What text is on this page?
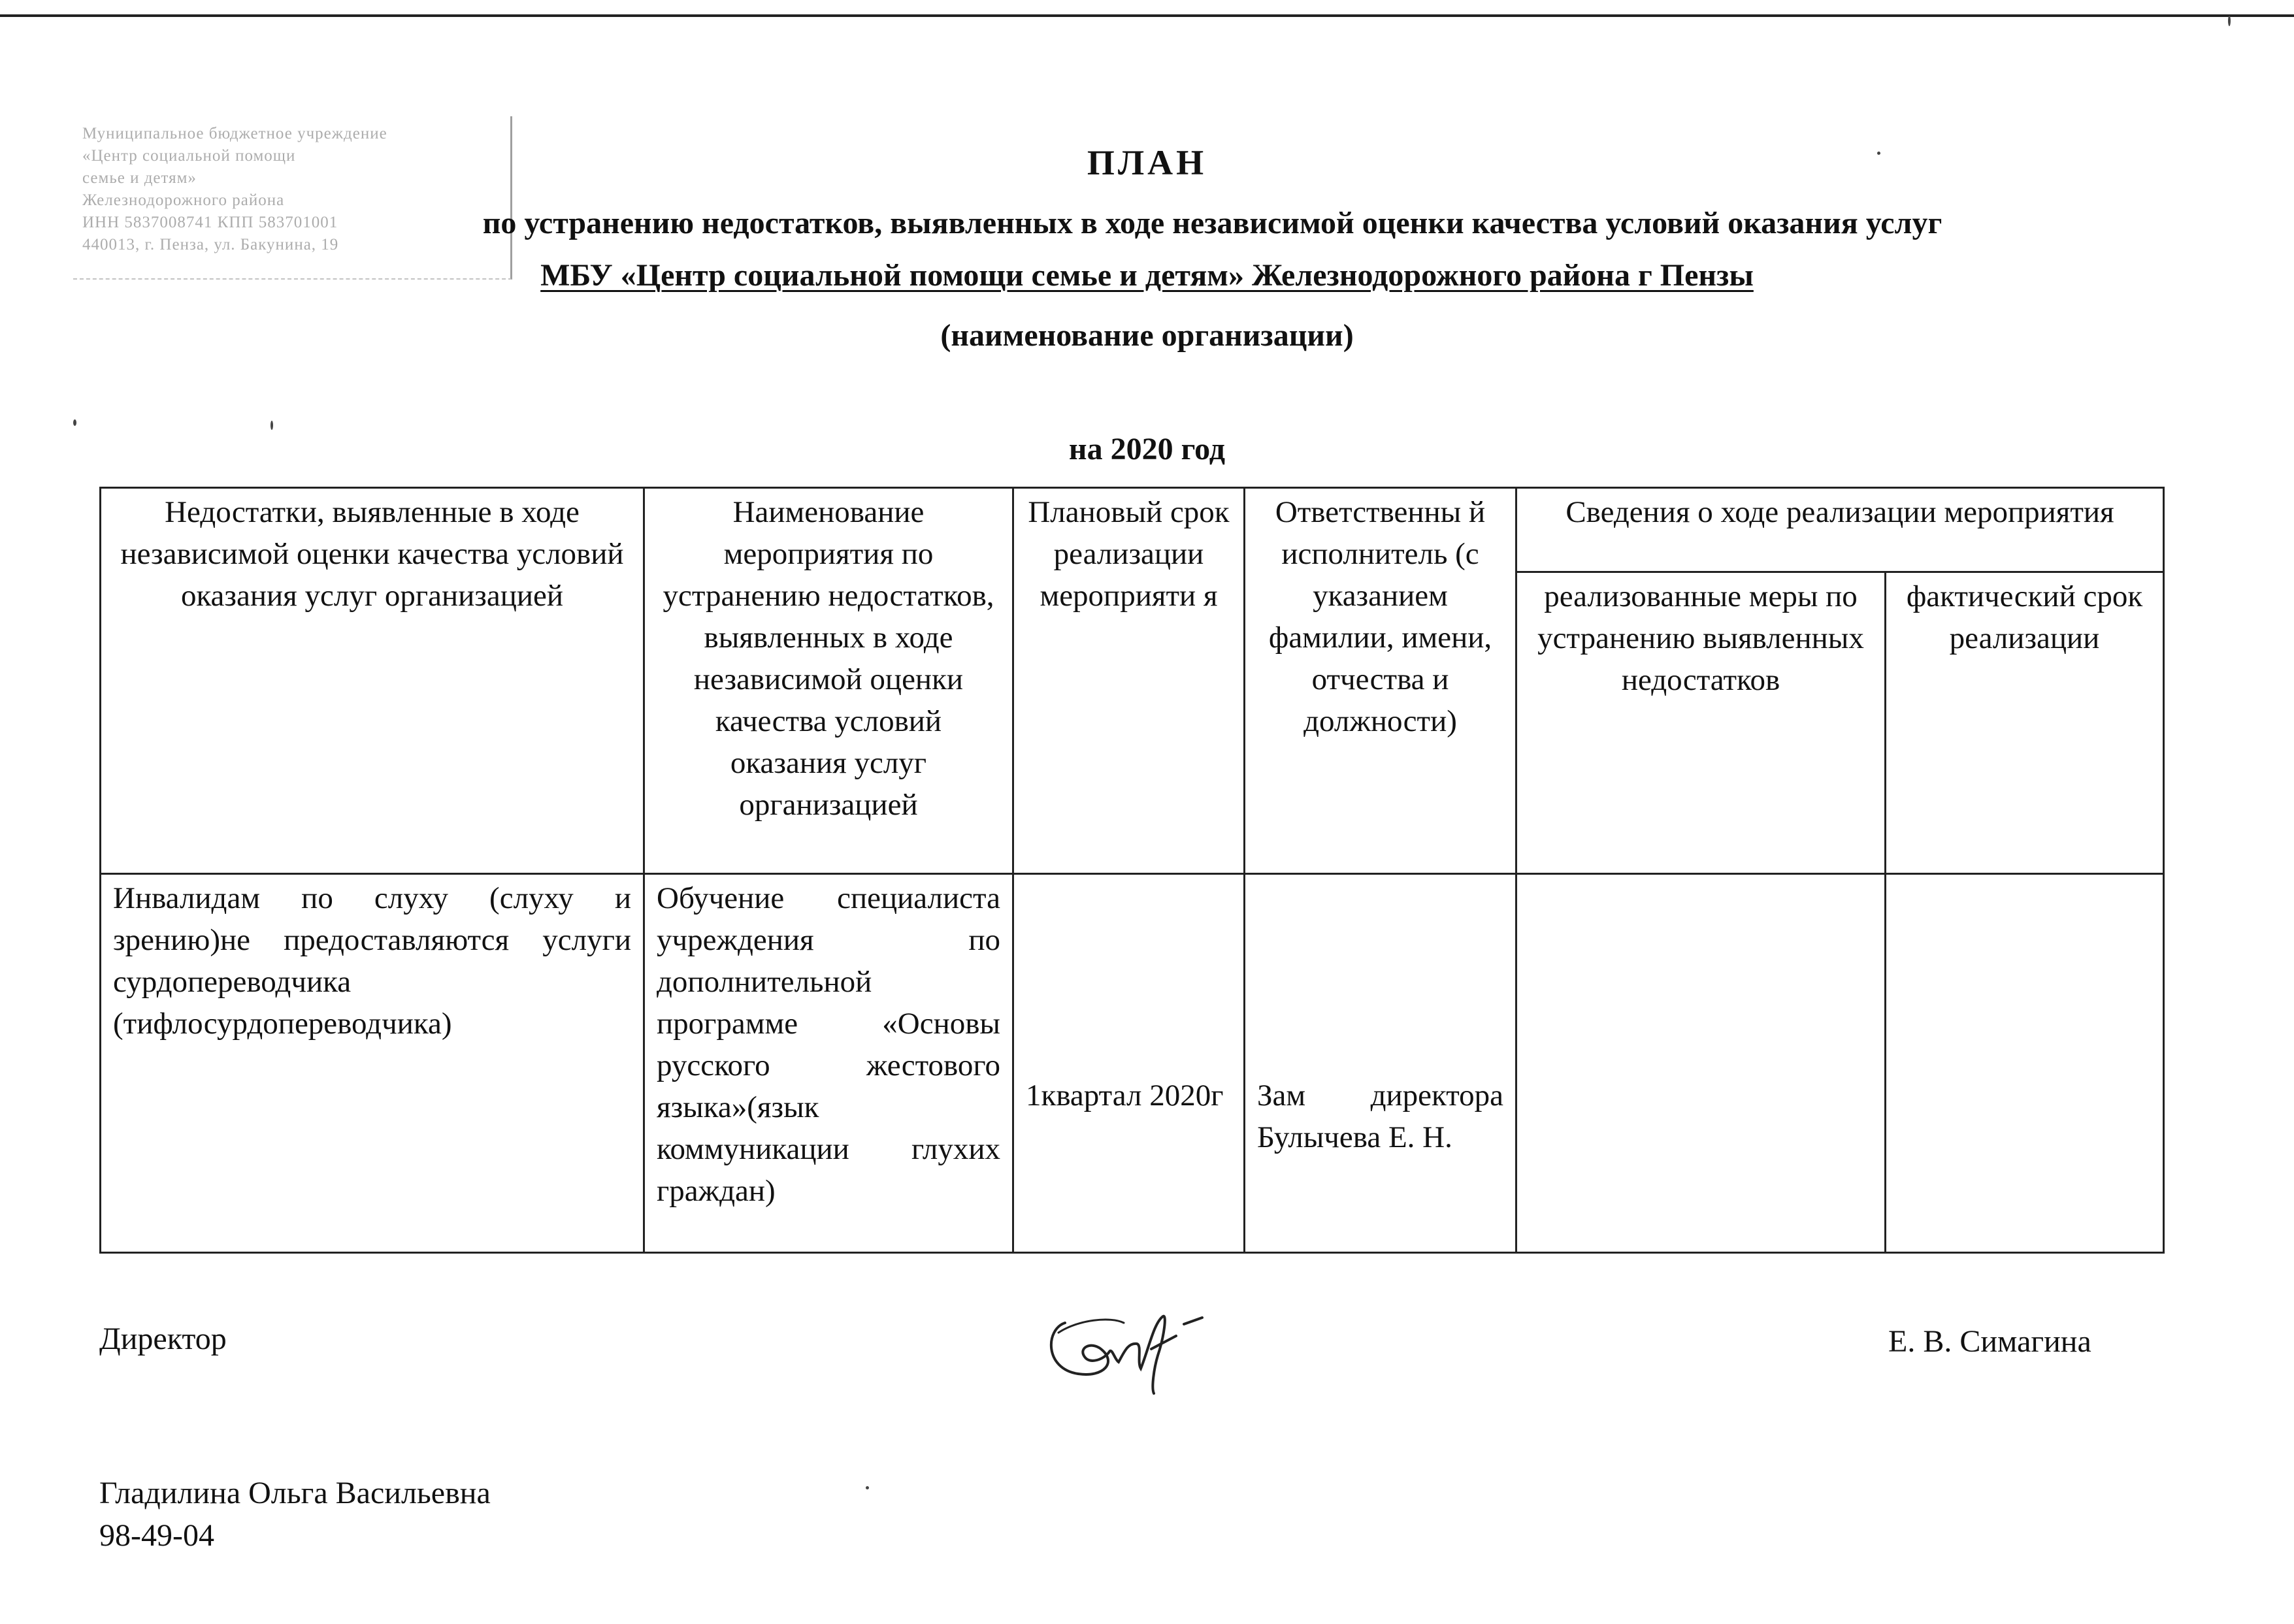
Муниципальное бюджетное учреждение
«Центр социальной помощи
семье и детям»
Железнодорожного района
ИНН 5837008741 КПП 583701001
440013, г. Пенза, ул. Бакунина, 19
ПЛАН
по устранению недостатков, выявленных в ходе независимой оценки качества условий оказания услуг
МБУ «Центр социальной помощи семье и детям» Железнодорожного района г Пензы
(наименование организации)
на 2020 год
Недостатки, выявленные в ходе независимой оценки качества условий оказания услуг организацией	Наименование мероприятия по устранению недостатков, выявленных в ходе независимой оценки качества условий оказания услуг организацией	Плановый срок реализации мероприяти я	Ответственны й исполнитель (с указанием фамилии, имени, отчества и должности)	Сведения о ходе реализации мероприятия	
				реализованные меры по устранению выявленных недостатков	фактический срок реализации
Инвалидам по слуху (слуху и зрению)не предоставляются услуги сурдопереводчика (тифлосурдопереводчика)	Обучение специалиста учреждения по дополнительной программе «Основы русского жестового языка»(язык коммуникации глухих граждан)	1квартал 2020г	Зам директора Булычева Е. Н.		
Директор	Е. В. Симагина
Гладилина Ольга Васильевна
98-49-04
